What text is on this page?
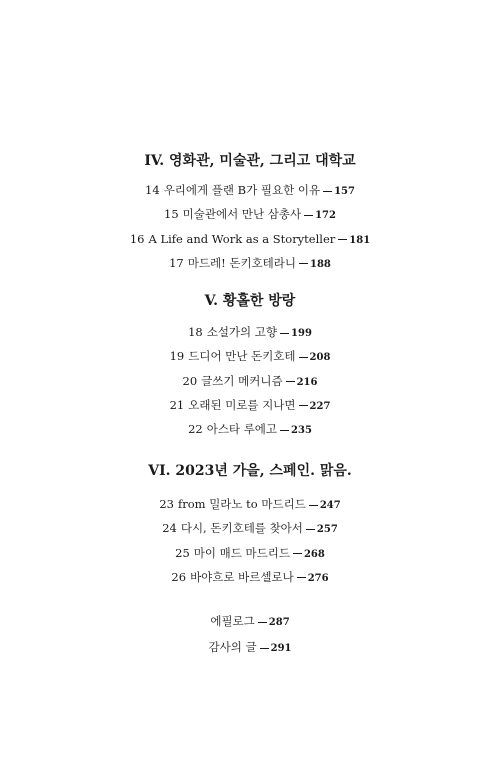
IV. 영화관, 미술관, 그리고 대학교
14 우리에게 플랜 B가 필요한 이유 157
15 미술관에서 만난 삼총사 172
16 A Life and Work as a Storyteller 181
17 마드레! 돈키호테라니 188
V. 황홀한 방랑
18 소설가의 고향 199
19 드디어 만난 돈키호테 208
20 글쓰기 메커니즘 216
21 오래된 미로를 지나면 227
22 아스타 루에고 235
VI. 2023년 가을, 스페인. 맑음.
23 from 밀라노 to 마드리드 247
24 다시, 돈키호테를 찾아서 257
25 마이 매드 마드리드 268
26 바야흐로 바르셀로나 276
에필로그 287
감사의 글 291
